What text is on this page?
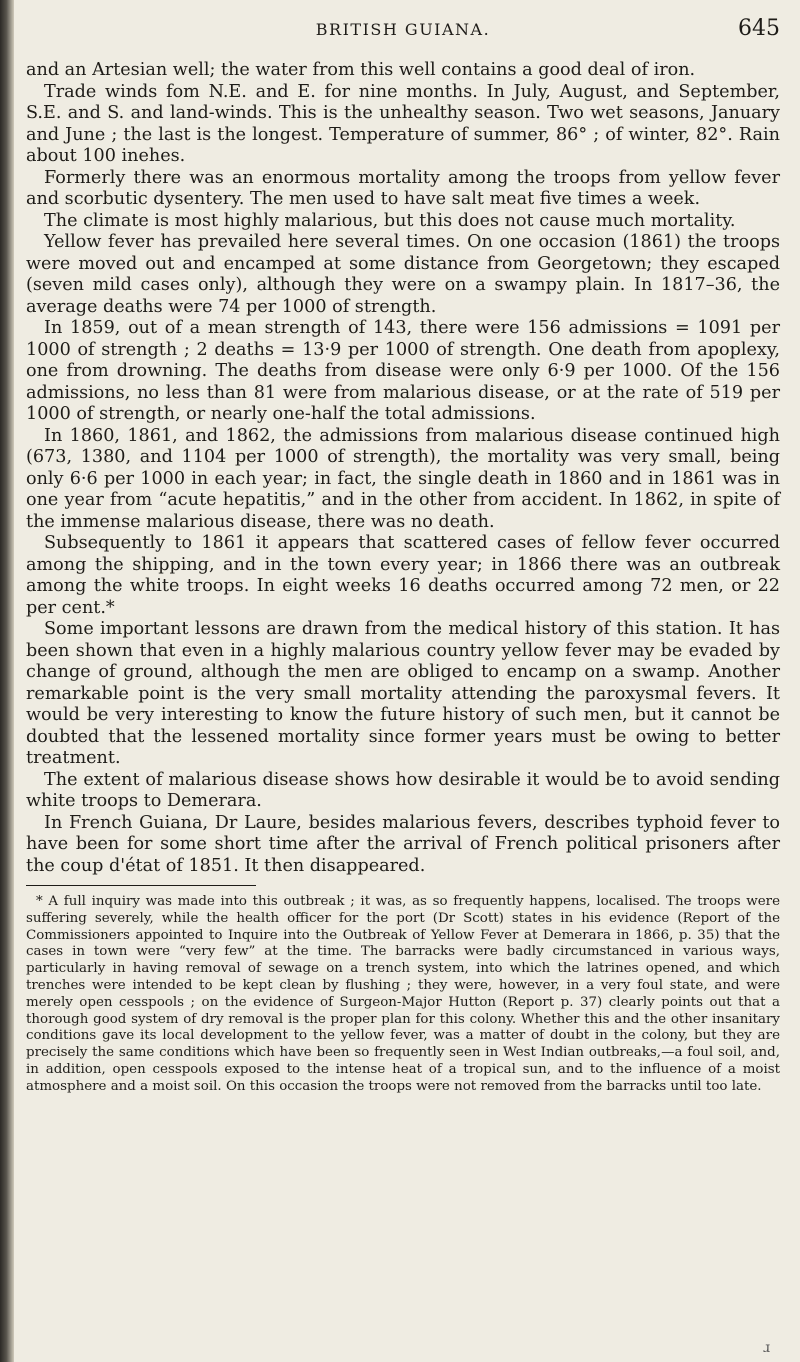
BRITISH GUIANA.	645

and an Artesian well; the water from this well contains a good deal of iron.

Trade winds fom N.E. and E. for nine months. In July, August, and September, S.E. and S. and land-winds. This is the unhealthy season. Two wet seasons, January and June ; the last is the longest. Temperature of summer, 86° ; of winter, 82°. Rain about 100 inehes.

Formerly there was an enormous mortality among the troops from yellow fever and scorbutic dysentery. The men used to have salt meat five times a week.

The climate is most highly malarious, but this does not cause much mortality.

Yellow fever has prevailed here several times. On one occasion (1861) the troops were moved out and encamped at some distance from Georgetown; they escaped (seven mild cases only), although they were on a swampy plain. In 1817–36, the average deaths were 74 per 1000 of strength.

In 1859, out of a mean strength of 143, there were 156 admissions = 1091 per 1000 of strength ; 2 deaths = 13·9 per 1000 of strength. One death from apoplexy, one from drowning. The deaths from disease were only 6·9 per 1000. Of the 156 admissions, no less than 81 were from malarious disease, or at the rate of 519 per 1000 of strength, or nearly one-half the total admissions.

In 1860, 1861, and 1862, the admissions from malarious disease continued high (673, 1380, and 1104 per 1000 of strength), the mortality was very small, being only 6·6 per 1000 in each year; in fact, the single death in 1860 and in 1861 was in one year from “acute hepatitis,” and in the other from accident. In 1862, in spite of the immense malarious disease, there was no death.

Subsequently to 1861 it appears that scattered cases of fellow fever occurred among the shipping, and in the town every year; in 1866 there was an outbreak among the white troops. In eight weeks 16 deaths occurred among 72 men, or 22 per cent.*

Some important lessons are drawn from the medical history of this station. It has been shown that even in a highly malarious country yellow fever may be evaded by change of ground, although the men are obliged to encamp on a swamp. Another remarkable point is the very small mortality attending the paroxysmal fevers. It would be very interesting to know the future history of such men, but it cannot be doubted that the lessened mortality since former years must be owing to better treatment.

The extent of malarious disease shows how desirable it would be to avoid sending white troops to Demerara.

In French Guiana, Dr Laure, besides malarious fevers, describes typhoid fever to have been for some short time after the arrival of French political prisoners after the coup d'état of 1851. It then disappeared.

* A full inquiry was made into this outbreak ; it was, as so frequently happens, localised. The troops were suffering severely, while the health officer for the port (Dr Scott) states in his evidence (Report of the Commissioners appointed to Inquire into the Outbreak of Yellow Fever at Demerara in 1866, p. 35) that the cases in town were “very few” at the time. The barracks were badly circumstanced in various ways, particularly in having removal of sewage on a trench system, into which the latrines opened, and which trenches were intended to be kept clean by flushing ; they were, however, in a very foul state, and were merely open cesspools ; on the evidence of Surgeon-Major Hutton (Report p. 37) clearly points out that a thorough good system of dry removal is the proper plan for this colony. Whether this and the other insanitary conditions gave its local development to the yellow fever, was a matter of doubt in the colony, but they are precisely the same conditions which have been so frequently seen in West Indian outbreaks,—a foul soil, and, in addition, open cesspools exposed to the intense heat of a tropical sun, and to the influence of a moist atmosphere and a moist soil. On this occasion the troops were not removed from the barracks until too late.

ɹ
